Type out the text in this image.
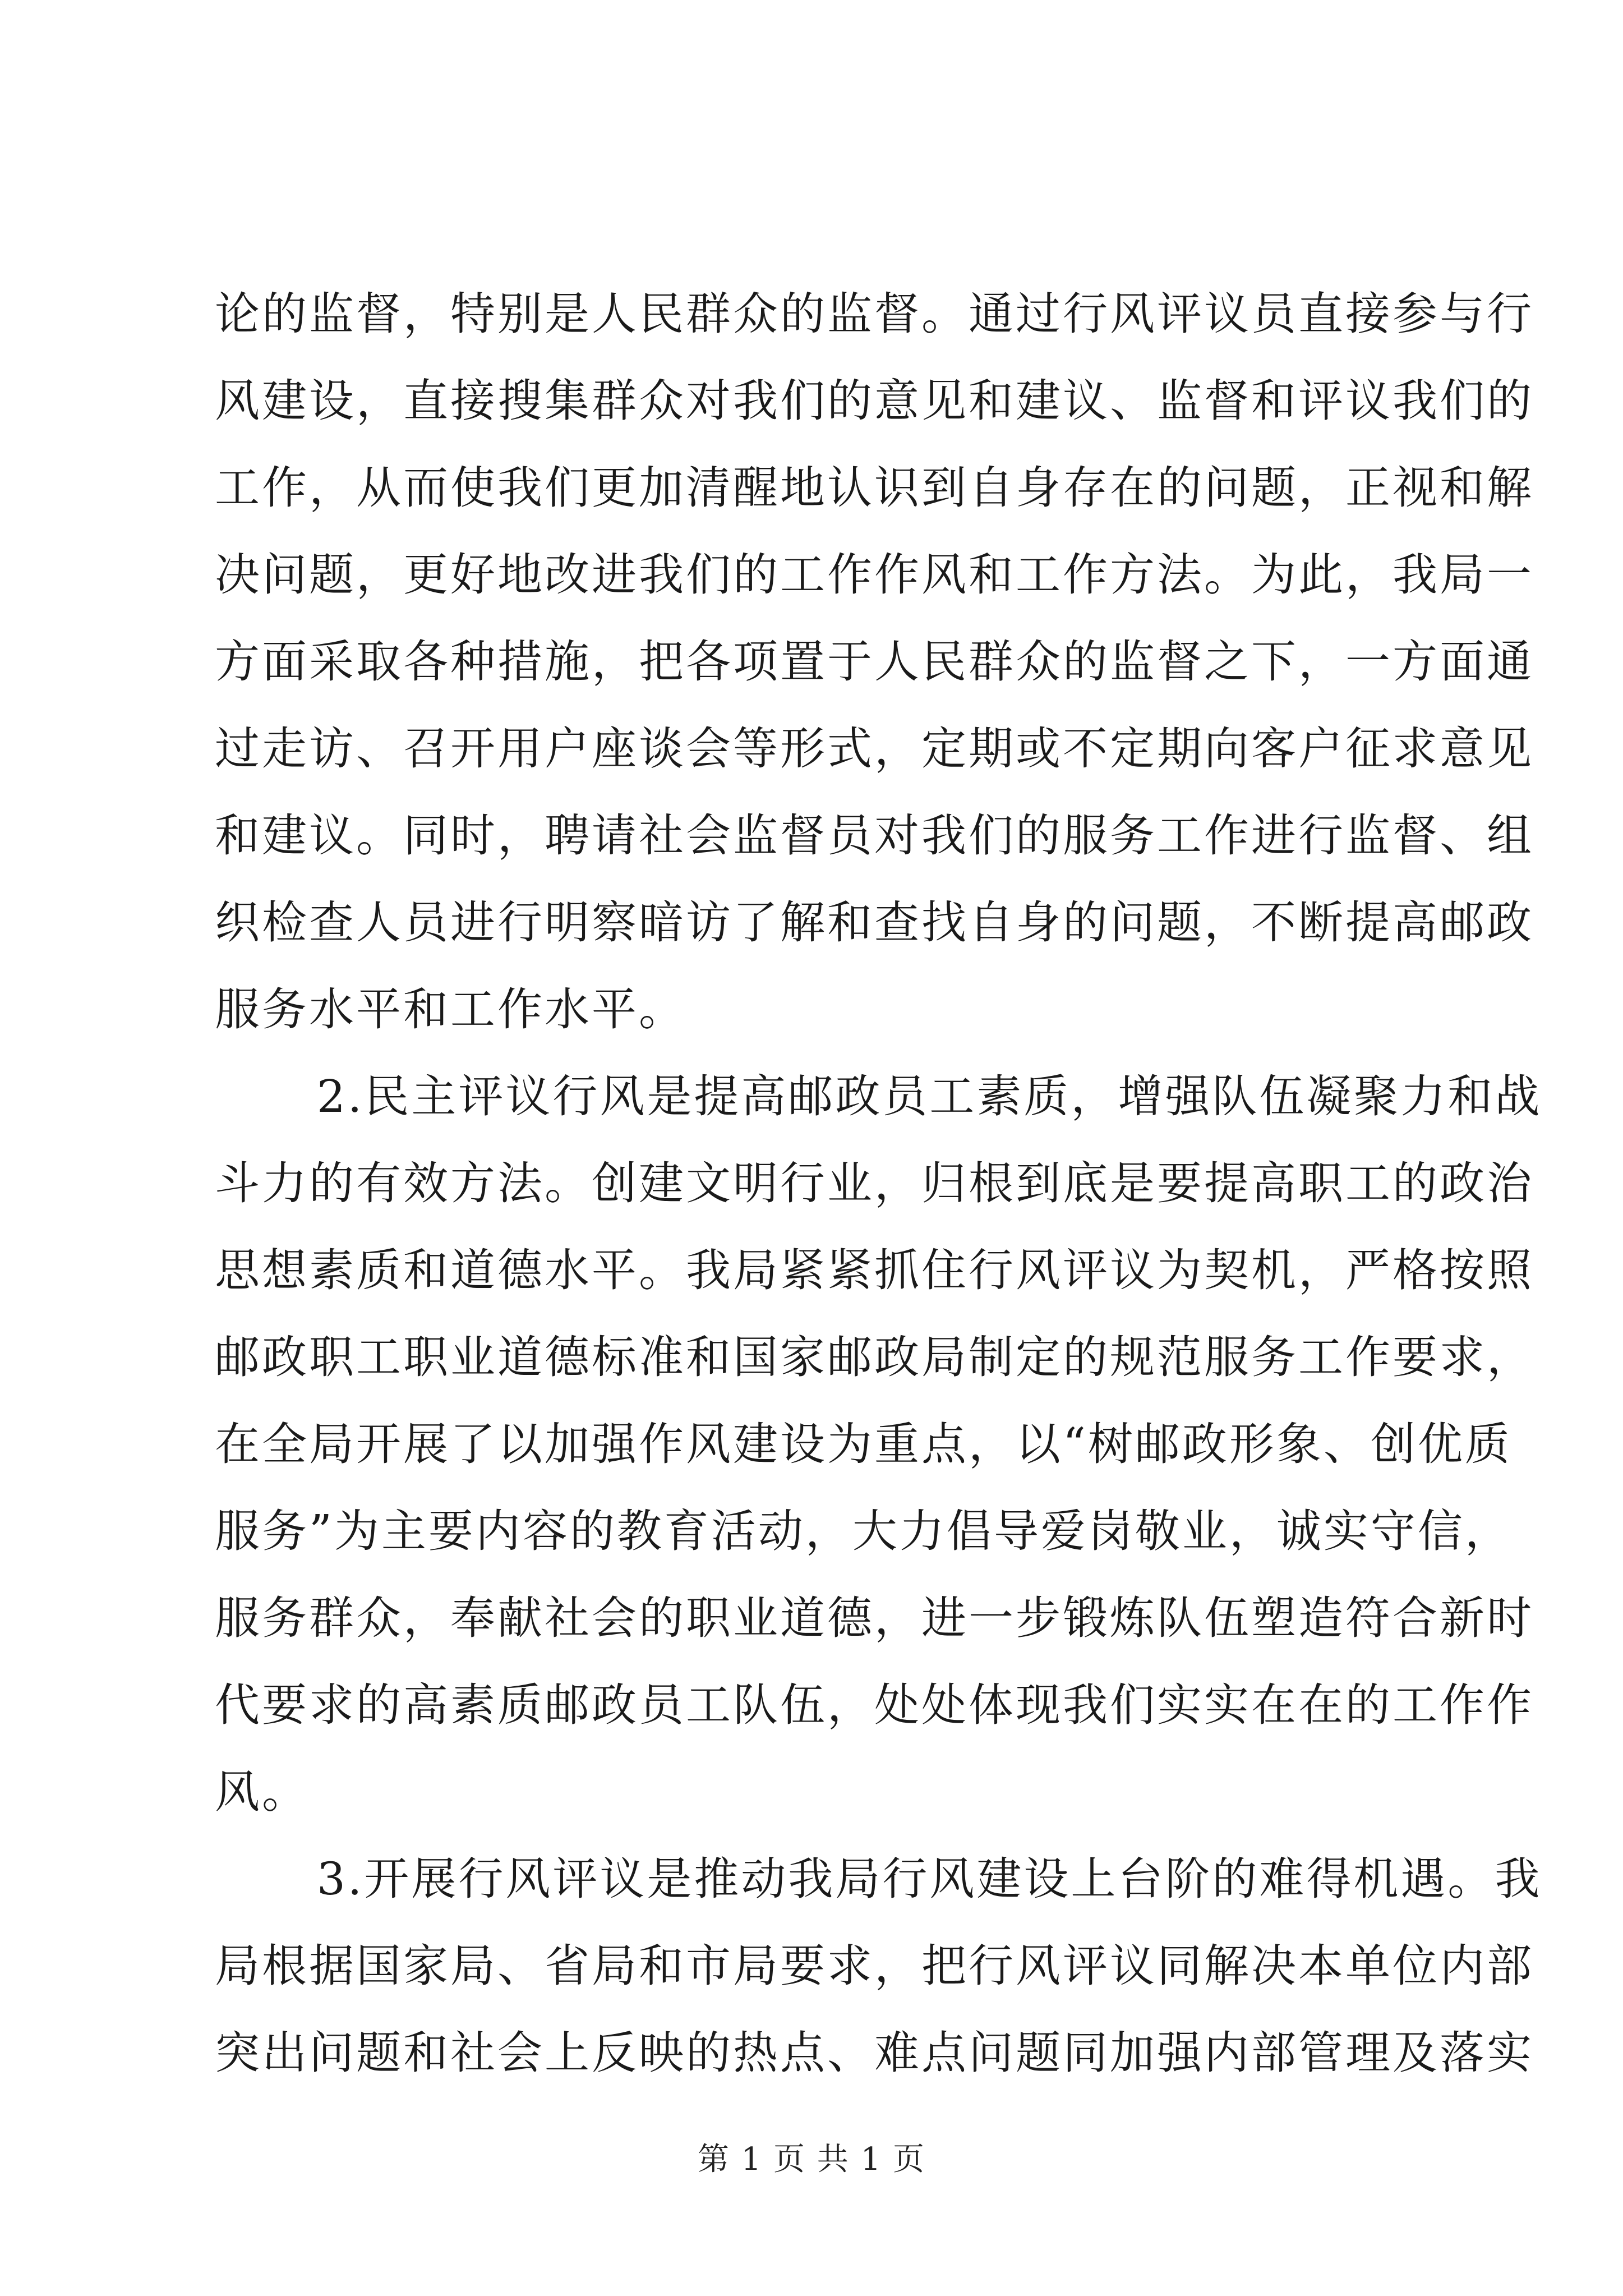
论的监督，特别是人民群众的监督。通过行风评议员直接参与行
风建设，直接搜集群众对我们的意见和建议、监督和评议我们的
工作，从而使我们更加清醒地认识到自身存在的问题，正视和解
决问题，更好地改进我们的工作作风和工作方法。为此，我局一
方面采取各种措施，把各项置于人民群众的监督之下，一方面通
过走访、召开用户座谈会等形式，定期或不定期向客户征求意见
和建议。同时，聘请社会监督员对我们的服务工作进行监督、组
织检查人员进行明察暗访了解和查找自身的问题，不断提高邮政
服务水平和工作水平。
2.民主评议行风是提高邮政员工素质，增强队伍凝聚力和战
斗力的有效方法。创建文明行业，归根到底是要提高职工的政治
思想素质和道德水平。我局紧紧抓住行风评议为契机，严格按照
邮政职工职业道德标准和国家邮政局制定的规范服务工作要求，
在全局开展了以加强作风建设为重点，以“树邮政形象、创优质
服务”为主要内容的教育活动，大力倡导爱岗敬业，诚实守信，
服务群众，奉献社会的职业道德，进一步锻炼队伍塑造符合新时
代要求的高素质邮政员工队伍，处处体现我们实实在在的工作作
风。
3.开展行风评议是推动我局行风建设上台阶的难得机遇。我
局根据国家局、省局和市局要求，把行风评议同解决本单位内部
突出问题和社会上反映的热点、难点问题同加强内部管理及落实
第 1 页 共 1 页
